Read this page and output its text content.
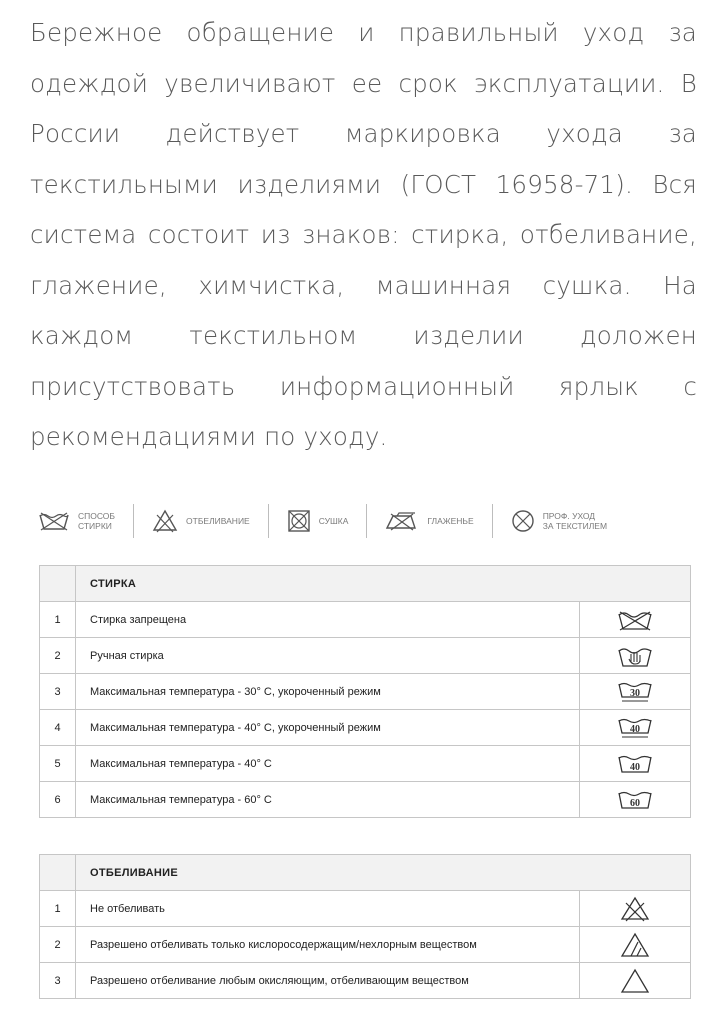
Бережное обращение и правильный уход за одеждой увеличивают ее срок эксплуатации. В России действует маркировка ухода за текстильными изделиями (ГОСТ 16958-71). Вся система состоит из знаков: стирка, отбеливание, глажение, химчистка, машинная сушка. На каждом текстильном изделии доложен присутствовать информационный ярлык с рекомендациями по уходу.

СПОСОБ
СТИРКИ	ОТБЕЛИВАНИЕ	СУШКА	ГЛАЖЕНЬЕ	ПРОФ. УХОД
ЗА ТЕКСТИЛЕМ
	СТИРКА	
1	Стирка запрещена	
2	Ручная стирка	
3	Максимальная температура - 30° С, укороченный режим	30

4	Максимальная температура - 40° С, укороченный режим	40

5	Максимальная температура - 40° С	40

6	Максимальная температура - 60° С	60
	ОТБЕЛИВАНИЕ	
1	Не отбеливать	
2	Разрешено отбеливать только кислоросодержащим/нехлорным веществом	
3	Разрешено отбеливание любым окисляющим, отбеливающим веществом	
